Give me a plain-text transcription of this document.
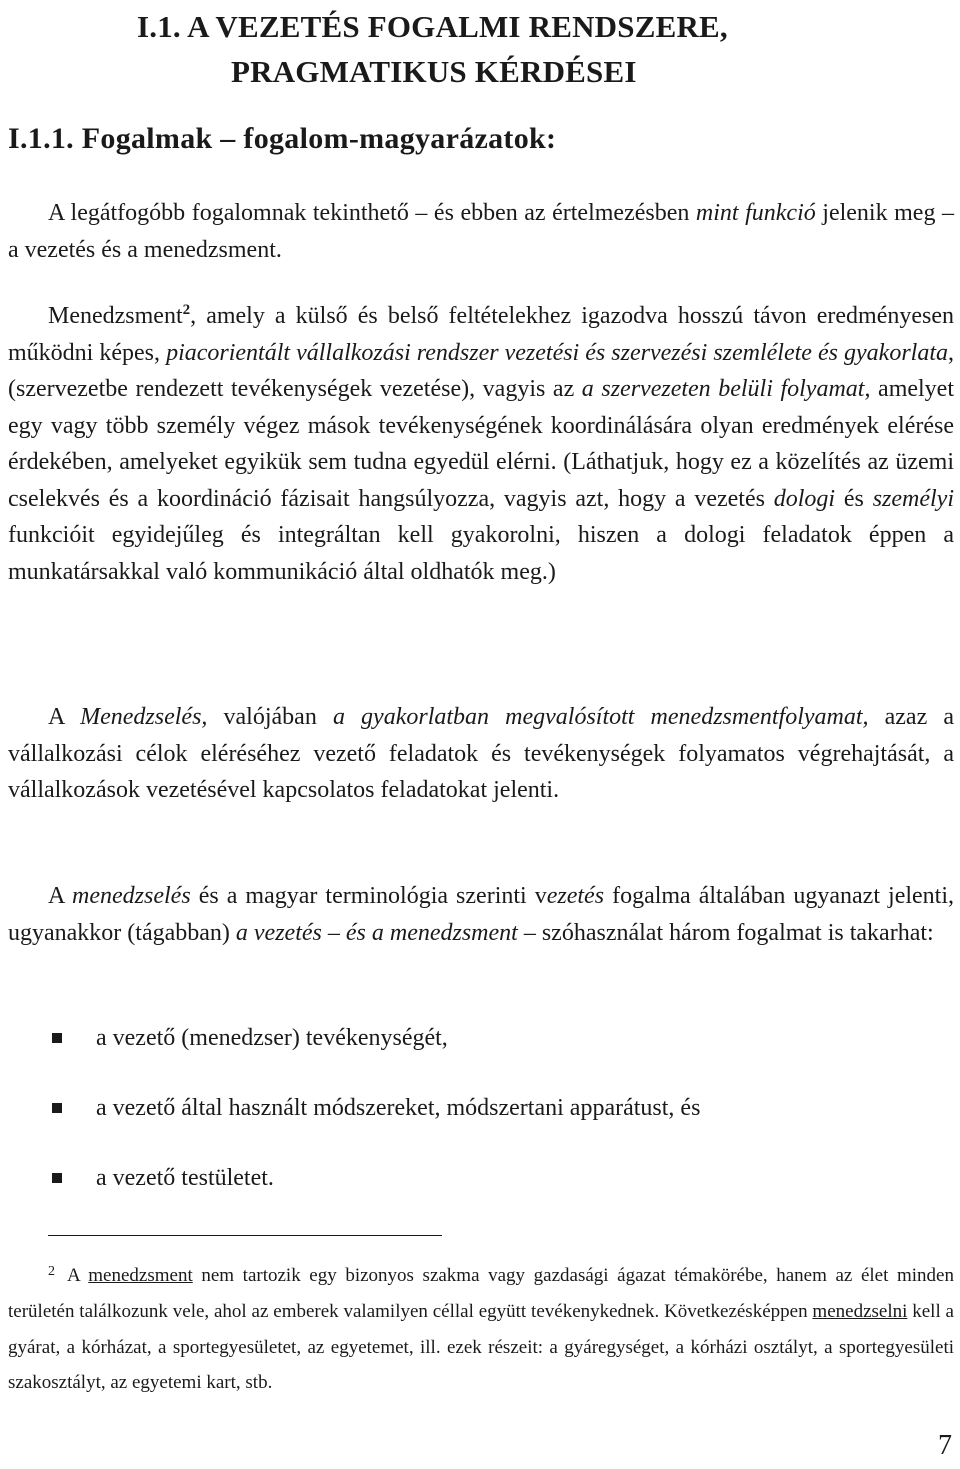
I.1. A VEZETÉS FOGALMI RENDSZERE,
PRAGMATIKUS KÉRDÉSEI
I.1.1. Fogalmak – fogalom-magyarázatok:

A legátfogóbb fogalomnak tekinthető – és ebben az értelmezésben mint funkció jelenik meg – a vezetés és a menedzsment.

Menedzsment$^2$, amely a külső és belső feltételekhez igazodva hosszú távon eredményesen működni képes, piacorientált vállalkozási rendszer vezetési és szervezési szemlélete és gyakorlata, (szervezetbe rendezett tevékenységek vezetése), vagyis az a szervezeten belüli folyamat, amelyet egy vagy több személy végez mások tevékenységének koordinálására olyan eredmények elérése érdekében, amelyeket egyikük sem tudna egyedül elérni. (Láthatjuk, hogy ez a közelítés az üzemi cselekvés és a koordináció fázisait hangsúlyozza, vagyis azt, hogy a vezetés dologi és személyi funkcióit egyidejűleg és integráltan kell gyakorolni, hiszen a dologi feladatok éppen a munkatársakkal való kommunikáció által oldhatók meg.)

A Menedzselés, valójában a gyakorlatban megvalósított menedzsmentfolyamat, azaz a vállalkozási célok eléréséhez vezető feladatok és tevékenységek folyamatos végrehajtását, a vállalkozások vezetésével kapcsolatos feladatokat jelenti.

A menedzselés és a magyar terminológia szerinti vezetés fogalma általában ugyanazt jelenti, ugyanakkor (tágabban) a vezetés – és a menedzsment – szóhasználat három fogalmat is takarhat:

a vezető (menedzser) tevékenységét,
a vezető által használt módszereket, módszertani apparátust, és
a vezető testületet.

2 A menedzsment nem tartozik egy bizonyos szakma vagy gazdasági ágazat témakörébe, hanem az élet minden területén találkozunk vele, ahol az emberek valamilyen céllal együtt tevékenykednek. Következésképpen menedzselni kell a gyárat, a kórházat, a sportegyesületet, az egyetemet, ill. ezek részeit: a gyáregységet, a kórházi osztályt, a sportegyesületi szakosztályt, az egyetemi kart, stb.

7
